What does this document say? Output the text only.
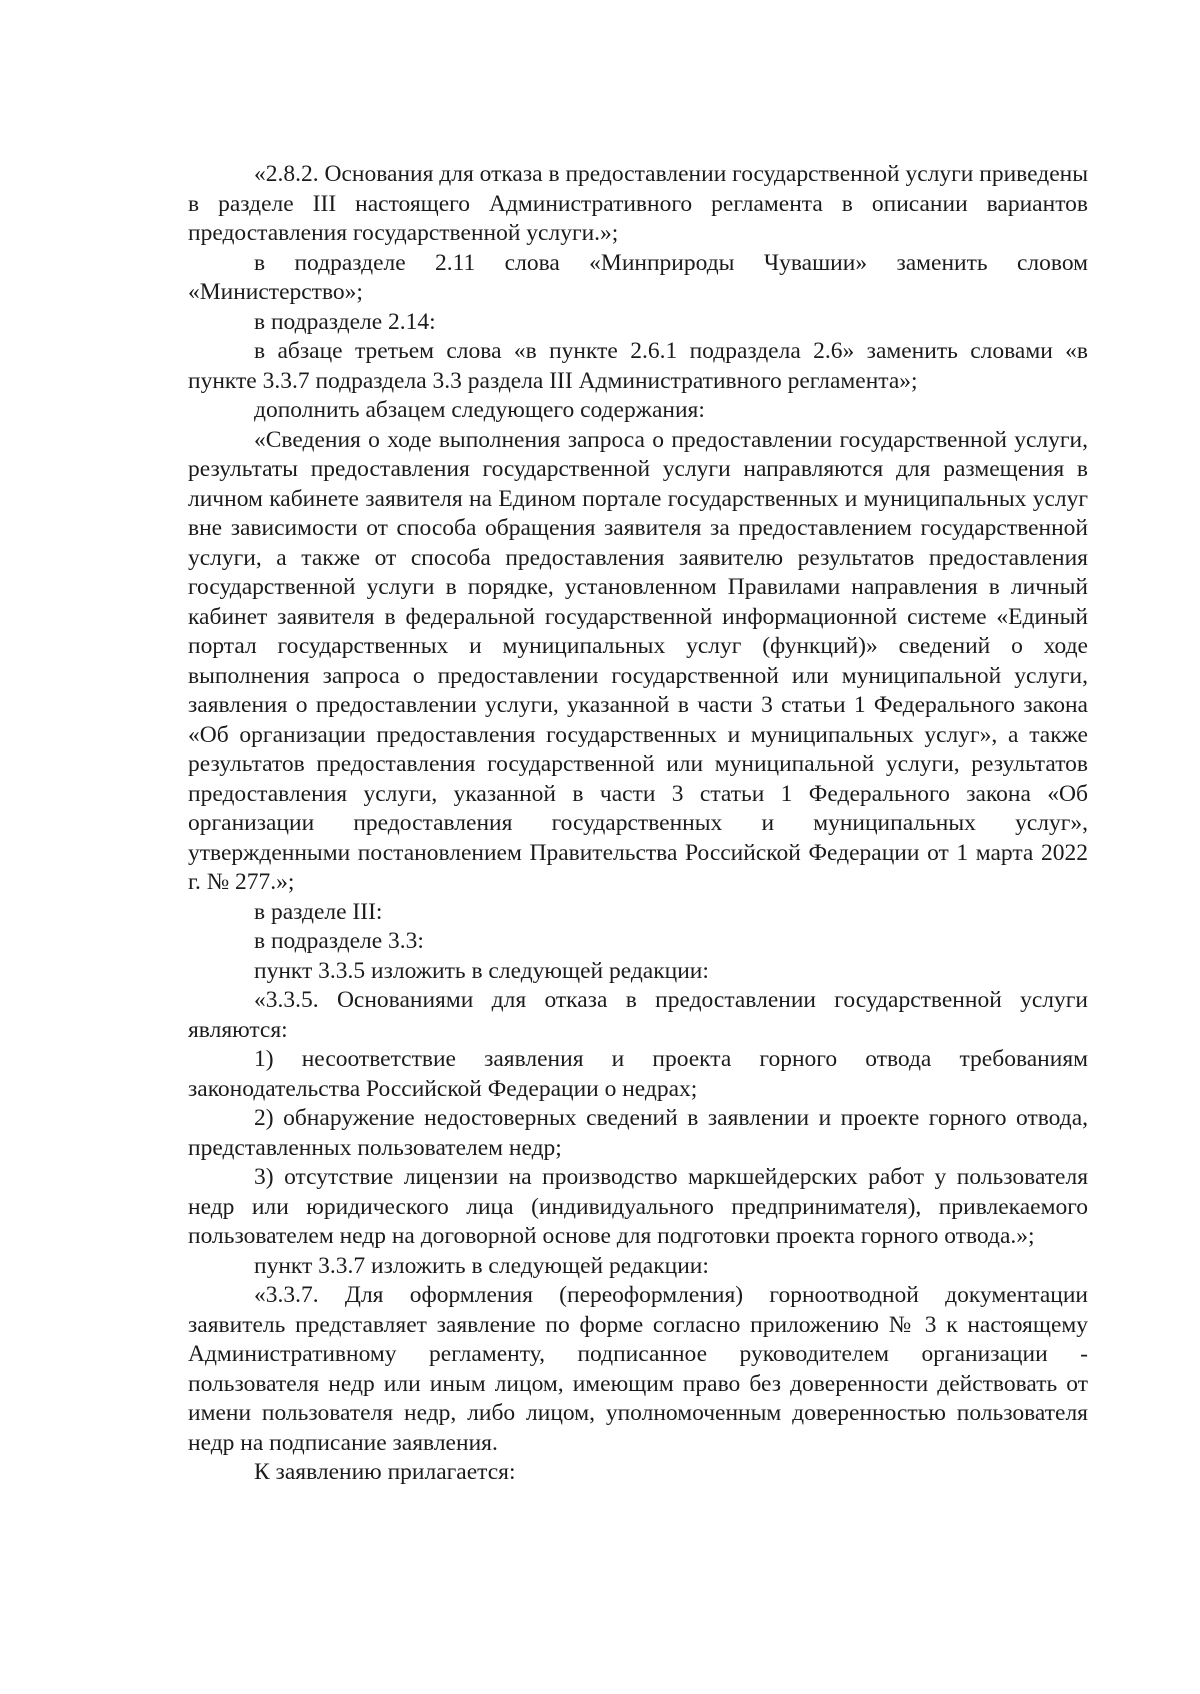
«2.8.2. Основания для отказа в предоставлении государственной услуги приведены в разделе III настоящего Административного регламента в описании вариантов предоставления государственной услуги.»;

в подразделе 2.11 слова «Минприроды Чувашии» заменить словом «Министерство»;

в подразделе 2.14:

в абзаце третьем слова «в пункте 2.6.1 подраздела 2.6» заменить словами «в пункте 3.3.7 подраздела 3.3 раздела III Административного регламента»;

дополнить абзацем следующего содержания:

«Сведения о ходе выполнения запроса о предоставлении государственной услуги, результаты предоставления государственной услуги направляются для размещения в личном кабинете заявителя на Едином портале государственных и муниципальных услуг вне зависимости от способа обращения заявителя за предоставлением государственной услуги, а также от способа предоставления заявителю результатов предоставления государственной услуги в порядке, установленном Правилами направления в личный кабинет заявителя в федеральной государственной информационной системе «Единый портал государственных и муниципальных услуг (функций)» сведений о ходе выполнения запроса о предоставлении государственной или муниципальной услуги, заявления о предоставлении услуги, указанной в части 3 статьи 1 Федерального закона «Об организации предоставления государственных и муниципальных услуг», а также результатов предоставления государственной или муниципальной услуги, результатов предоставления услуги, указанной в части 3 статьи 1 Федерального закона «Об организации предоставления государственных и муниципальных услуг», утвержденными постановлением Правительства Российской Федерации от 1 марта 2022 г. № 277.»;

в разделе III:

в подразделе 3.3:

пункт 3.3.5 изложить в следующей редакции:

«3.3.5. Основаниями для отказа в предоставлении государственной услуги являются:

1) несоответствие заявления и проекта горного отвода требованиям законодательства Российской Федерации о недрах;

2) обнаружение недостоверных сведений в заявлении и проекте горного отвода, представленных пользователем недр;

3) отсутствие лицензии на производство маркшейдерских работ у пользователя недр или юридического лица (индивидуального предпринимателя), привлекаемого пользователем недр на договорной основе для подготовки проекта горного отвода.»;

пункт 3.3.7 изложить в следующей редакции:

«3.3.7. Для оформления (переоформления) горноотводной документации заявитель представляет заявление по форме согласно приложению № 3 к настоящему Административному регламенту, подписанное руководителем организации - пользователя недр или иным лицом, имеющим право без доверенности действовать от имени пользователя недр, либо лицом, уполномоченным доверенностью пользователя недр на подписание заявления.

К заявлению прилагается:
